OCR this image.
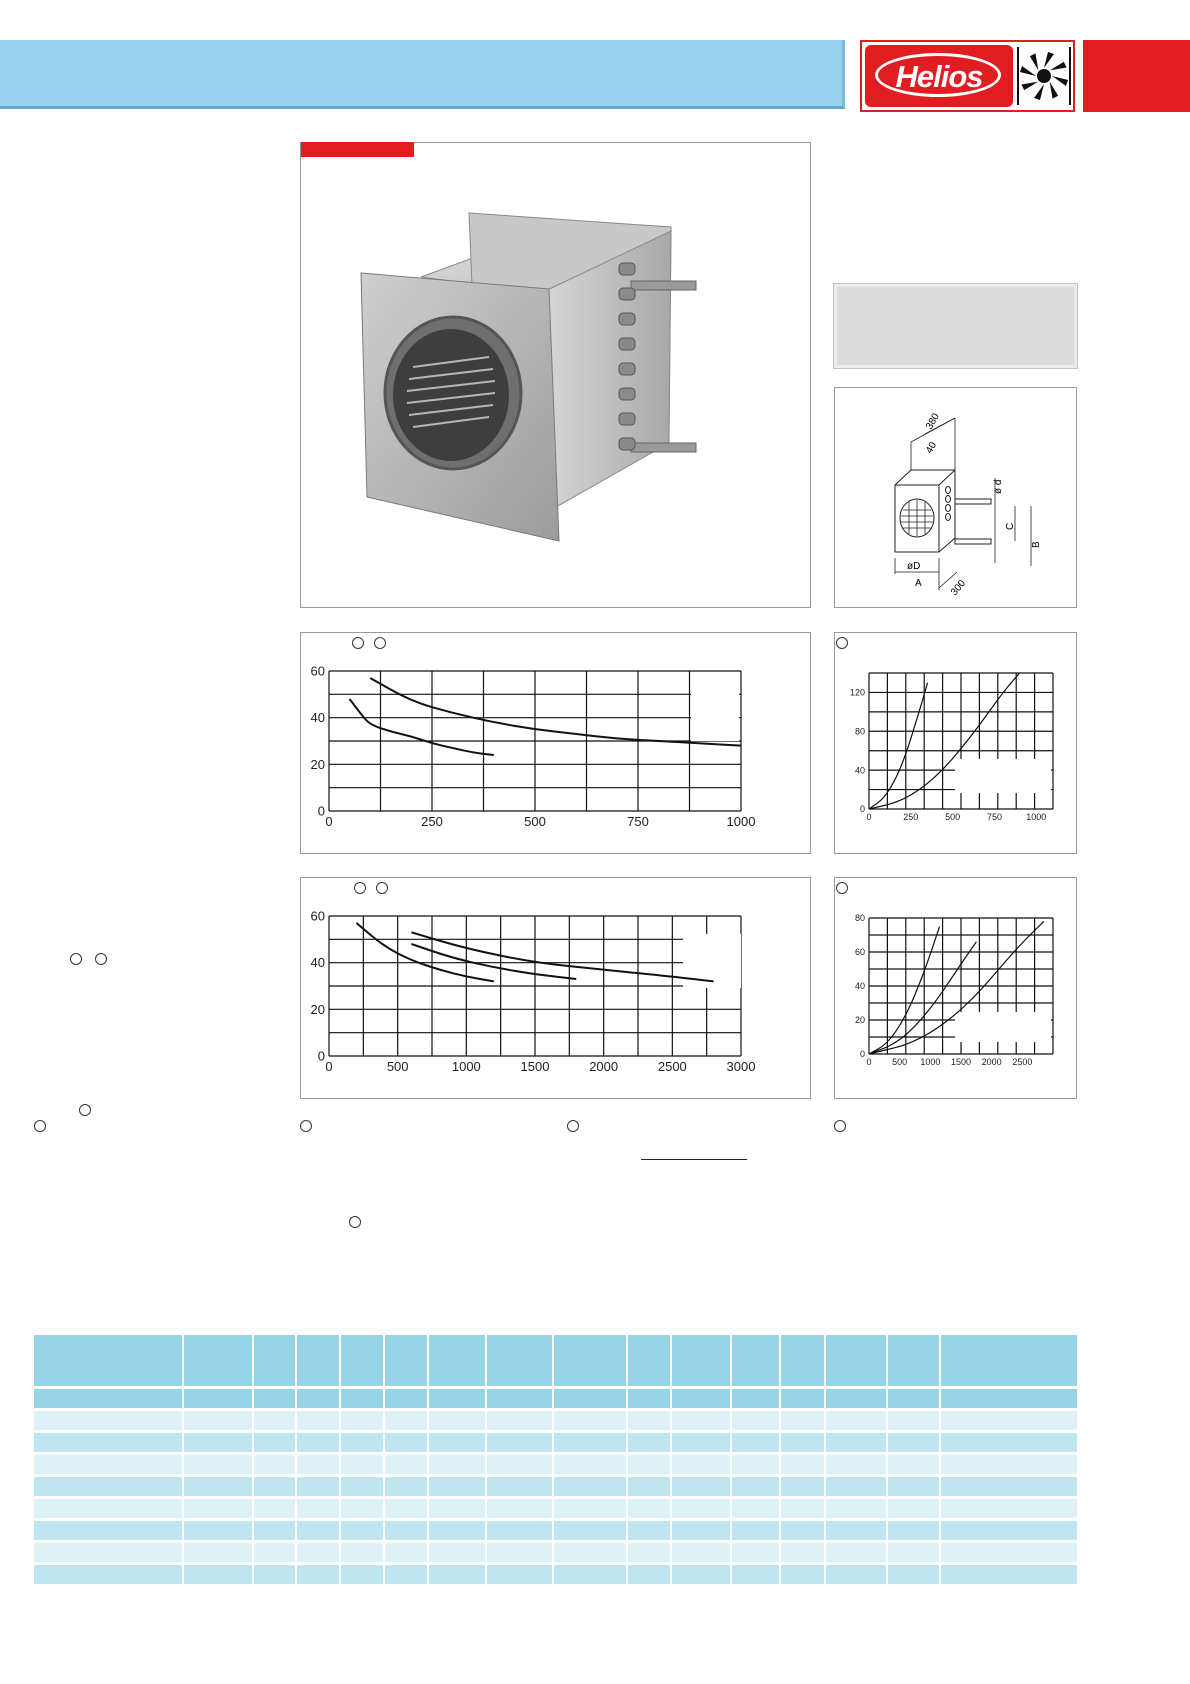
Helios
380
40
ø d
C
B
øD
A	300
0	250	500	750	1000
0
20
40
60
0	500	1000	1500	2000	2500	3000
0
20
40
60
0	250	500	750	1000
0
40
80
120
0 500 1000 1500 2000 2500
0
20
40
60
80
